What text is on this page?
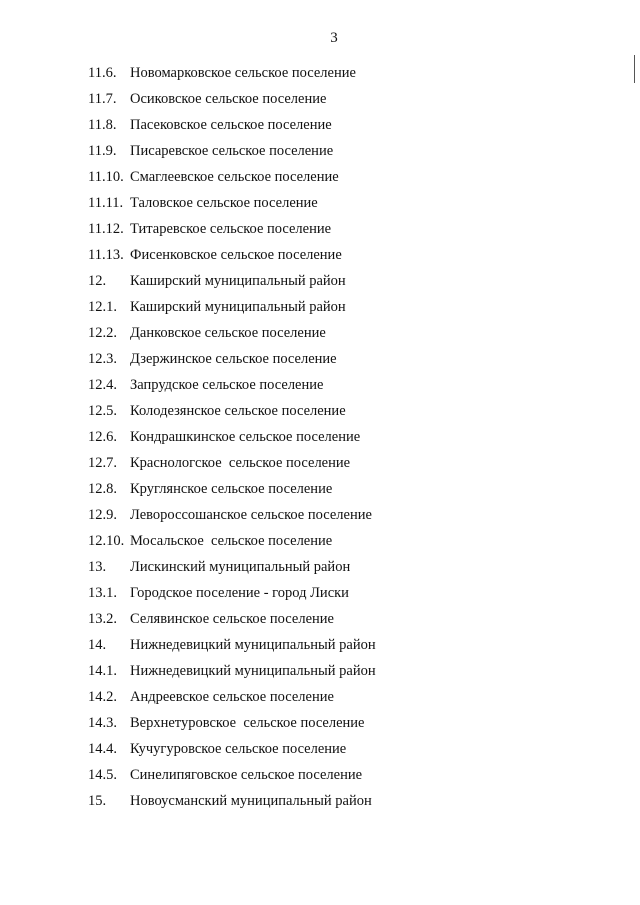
3
11.6. Новомарковское сельское поселение
11.7. Осиковское сельское поселение
11.8. Пасековское сельское поселение
11.9. Писаревское сельское поселение
11.10. Смаглеевское сельское поселение
11.11. Таловское сельское поселение
11.12. Титаревское сельское поселение
11.13. Фисенковское сельское поселение
12.	Каширский муниципальный район
12.1. Каширский муниципальный район
12.2. Данковское сельское поселение
12.3. Дзержинское сельское поселение
12.4. Запрудское сельское поселение
12.5. Колодезянское сельское поселение
12.6. Кондрашкинское сельское поселение
12.7. Краснологское  сельское поселение
12.8. Круглянское сельское поселение
12.9. Левороссошанское сельское поселение
12.10. Мосальское  сельское поселение
13.	Лискинский муниципальный район
13.1. Городское поселение - город Лиски
13.2. Селявинское сельское поселение
14.	Нижнедевицкий муниципальный район
14.1. Нижнедевицкий муниципальный район
14.2. Андреевское сельское поселение
14.3. Верхнетуровское  сельское поселение
14.4. Кучугуровское сельское поселение
14.5. Синелипяговское сельское поселение
15.	Новоусманский муниципальный район
